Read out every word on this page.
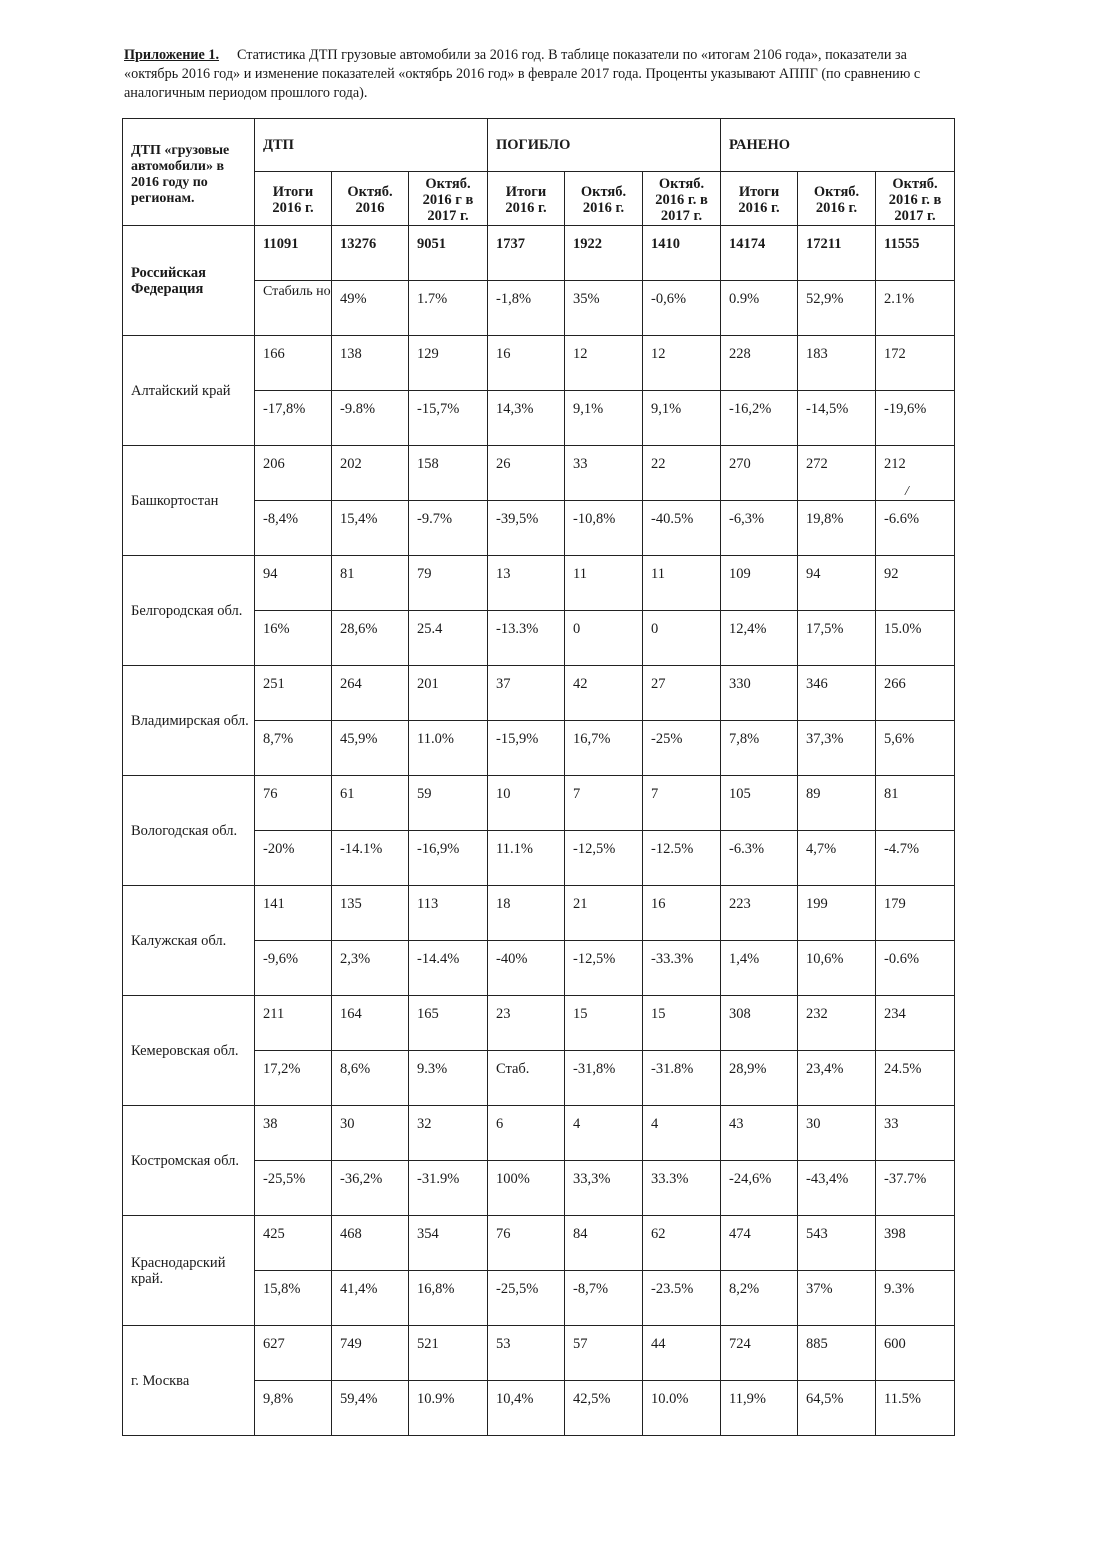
Приложение 1. Статистика ДТП грузовые автомобили за 2016 год. В таблице показатели по «итогам 2106 года», показатели за «октябрь 2016 год» и изменение показателей «октябрь 2016 год» в феврале 2017 года. Проценты указывают АППГ (по сравнению с аналогичным периодом прошлого года).
ДТП «грузовые автомобили» в 2016 году по регионам.	ДТП			ПОГИБЛО			РАНЕНО		
	Итоги 2016 г.	Октяб. 2016	Октяб. 2016 г в 2017 г.	Итоги 2016 г.	Октяб. 2016 г.	Октяб. 2016 г. в 2017 г.	Итоги 2016 г.	Октяб. 2016 г.	Октяб. 2016 г. в 2017 г.
Российская Федерация	11091	13276	9051	1737	1922	1410	14174	17211	11555
	Стабиль но	49%	1.7%	-1,8%	35%	-0,6%	0.9%	52,9%	2.1%
Алтайский край	166	138	129	16	12	12	228	183	172
	-17,8%	-9.8%	-15,7%	14,3%	9,1%	9,1%	-16,2%	-14,5%	-19,6%
Башкортостан	206	202	158	26	33	22	270	272	212
	-8,4%	15,4%	-9.7%	-39,5%	-10,8%	-40.5%	-6,3%	19,8%	-6.6%
Белгородская обл.	94	81	79	13	11	11	109	94	92
	16%	28,6%	25.4	-13.3%	0	0	12,4%	17,5%	15.0%
Владимирская обл.	251	264	201	37	42	27	330	346	266
	8,7%	45,9%	11.0%	-15,9%	16,7%	-25%	7,8%	37,3%	5,6%
Вологодская обл.	76	61	59	10	7	7	105	89	81
	-20%	-14.1%	-16,9%	11.1%	-12,5%	-12.5%	-6.3%	4,7%	-4.7%
Калужская обл.	141	135	113	18	21	16	223	199	179
	-9,6%	2,3%	-14.4%	-40%	-12,5%	-33.3%	1,4%	10,6%	-0.6%
Кемеровская обл.	211	164	165	23	15	15	308	232	234
	17,2%	8,6%	9.3%	Стаб.	-31,8%	-31.8%	28,9%	23,4%	24.5%
Костромская обл.	38	30	32	6	4	4	43	30	33
	-25,5%	-36,2%	-31.9%	100%	33,3%	33.3%	-24,6%	-43,4%	-37.7%
Краснодарский край.	425	468	354	76	84	62	474	543	398
	15,8%	41,4%	16,8%	-25,5%	-8,7%	-23.5%	8,2%	37%	9.3%
г. Москва	627	749	521	53	57	44	724	885	600
	9,8%	59,4%	10.9%	10,4%	42,5%	10.0%	11,9%	64,5%	11.5%
/
